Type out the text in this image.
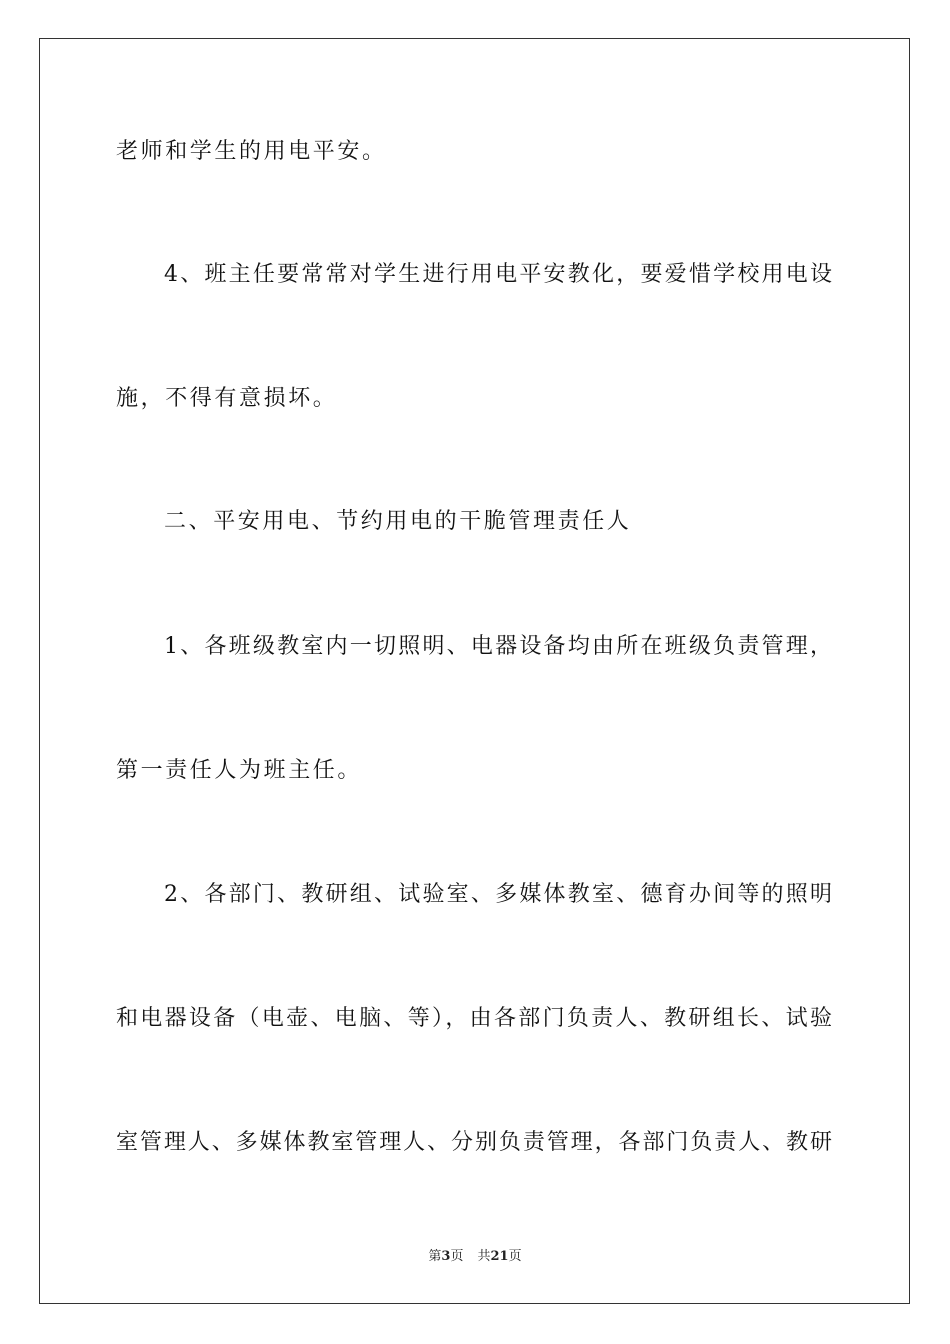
老师和学生的用电平安。
4、班主任要常常对学生进行用电平安教化，要爱惜学校用电设
施，不得有意损坏。
二、平安用电、节约用电的干脆管理责任人
1、各班级教室内一切照明、电器设备均由所在班级负责管理，
第一责任人为班主任。
2、各部门、教研组、试验室、多媒体教室、德育办间等的照明
和电器设备（电壶、电脑、等），由各部门负责人、教研组长、试验
室管理人、多媒体教室管理人、分别负责管理，各部门负责人、教研
第3页 共21页
